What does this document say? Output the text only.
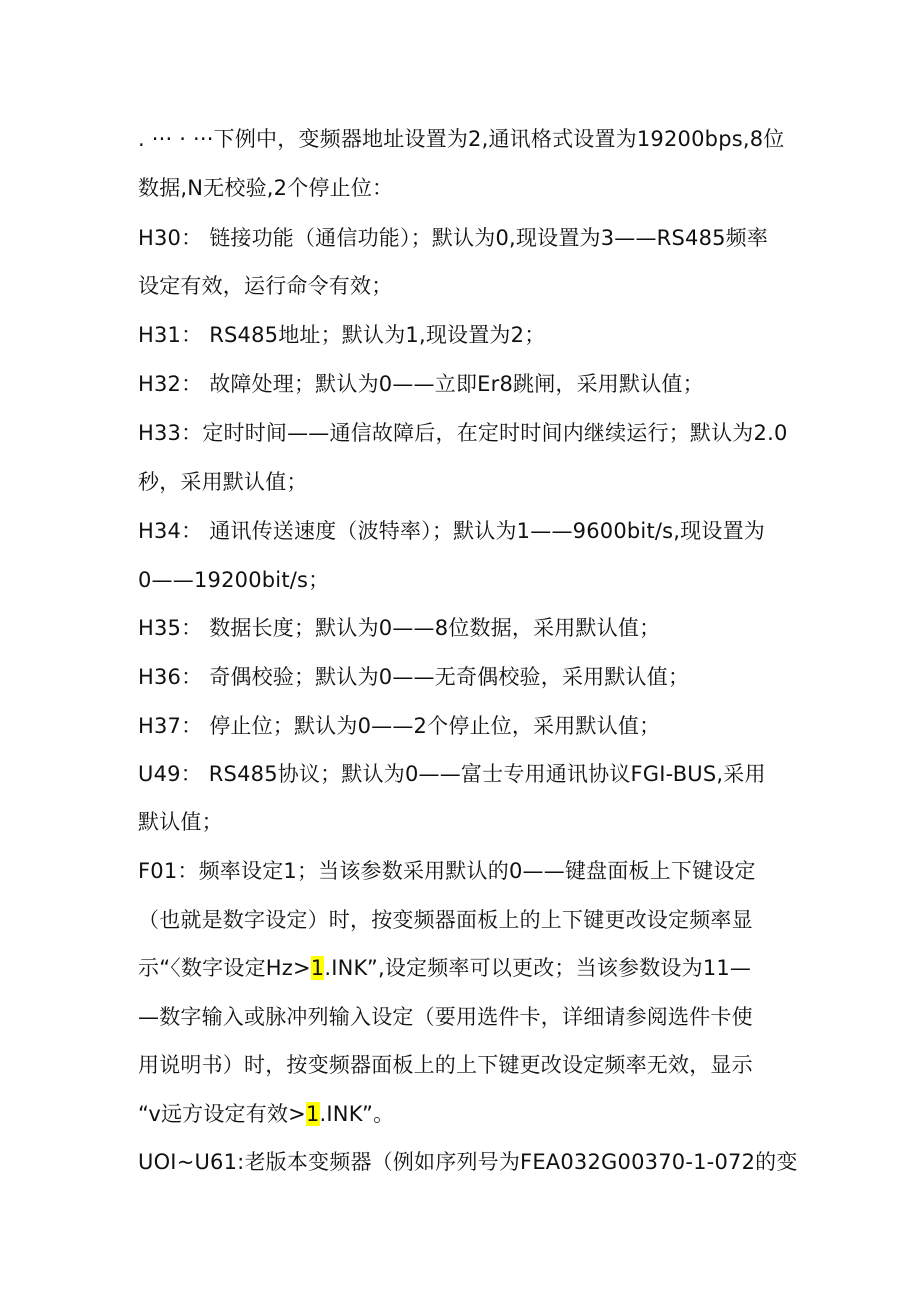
. ··· · ···下例中，变频器地址设置为2,通讯格式设置为19200bps,8位
数据,N无校验,2个停止位：
H30： 链接功能（通信功能）；默认为0,现设置为3——RS485频率
设定有效，运行命令有效；
H31： RS485地址；默认为1,现设置为2；
H32： 故障处理；默认为0——立即Er8跳闸，采用默认值；
H33：定时时间——通信故障后，在定时时间内继续运行；默认为2.0
秒，采用默认值；
H34： 通讯传送速度（波特率）；默认为1——9600bit/s,现设置为
0——19200bit/s；
H35： 数据长度；默认为0——8位数据，采用默认值；
H36： 奇偶校验；默认为0——无奇偶校验，采用默认值；
H37： 停止位；默认为0——2个停止位，采用默认值；
U49： RS485协议；默认为0——富士专用通讯协议FGI-BUS,采用
默认值；
F01：频率设定1；当该参数采用默认的0——键盘面板上下键设定
（也就是数字设定）时，按变频器面板上的上下键更改设定频率显
示“〈数字设定Hz>1.INK”,设定频率可以更改；当该参数设为11—
—数字输入或脉冲列输入设定（要用选件卡，详细请参阅选件卡使
用说明书）时，按变频器面板上的上下键更改设定频率无效，显示
“v远方设定有效>1.INK”。
UOI~U61:老版本变频器（例如序列号为FEA032G00370-1-072的变
